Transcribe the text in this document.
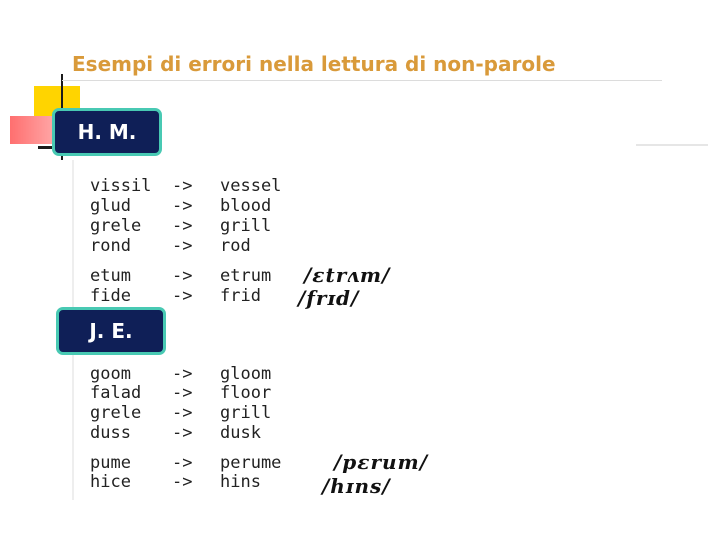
Esempi di errori nella lettura di non-parole
vissil -> vessel
glud -> blood
grele -> grill
rond -> rod
etum -> etrum /εtrʌm/
fide -> frid /frɪd/
goom -> gloom
falad -> floor
grele -> grill
duss -> dusk
pume -> perume	/pεrum/
hice -> hins	/hɪns/
H. M.
J. E.
